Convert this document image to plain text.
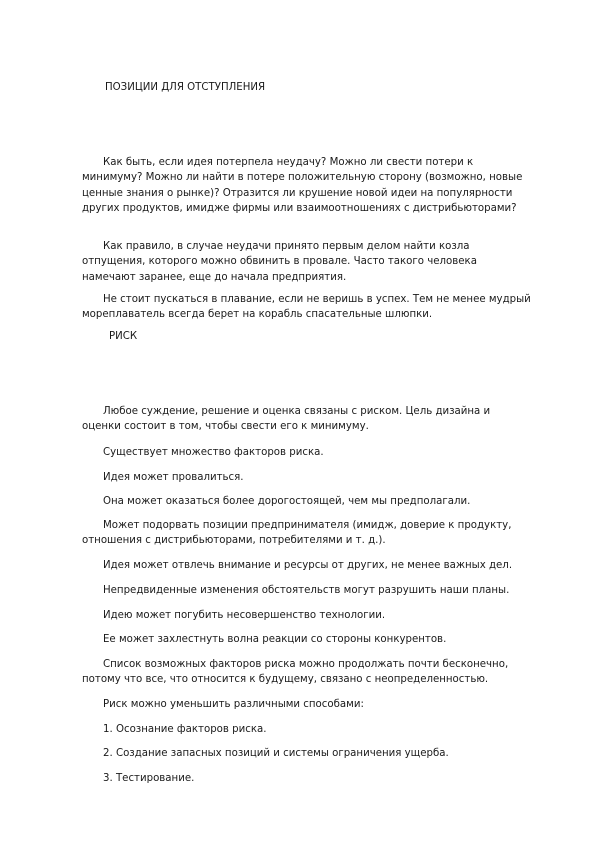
ПОЗИЦИИ ДЛЯ ОТСТУПЛЕНИЯ

Как быть, если идея потерпела неудачу? Можно ли свести потери к минимуму? Можно ли найти в потере положительную сторону (возможно, новые ценные знания о рынке)? Отразится ли крушение новой идеи на популярности других продуктов, имидже фирмы или взаимоотношениях с дистрибьюторами?

Как правило, в случае неудачи принято первым делом найти козла отпущения, которого можно обвинить в провале. Часто такого человека намечают заранее, еще до начала предприятия.

Не стоит пускаться в плавание, если не веришь в успех. Тем не менее мудрый мореплаватель всегда берет на корабль спасательные шлюпки.

РИСК

Любое суждение, решение и оценка связаны с риском. Цель дизайна и оценки состоит в том, чтобы свести его к минимуму.

Существует множество факторов риска.

Идея может провалиться.

Она может оказаться более дорогостоящей, чем мы предполагали.

Может подорвать позиции предпринимателя (имидж, доверие к продукту, отношения с дистрибьюторами, потребителями и т. д.).

Идея может отвлечь внимание и ресурсы от других, не менее важных дел.

Непредвиденные изменения обстоятельств могут разрушить наши планы.

Идею может погубить несовершенство технологии.

Ее может захлестнуть волна реакции со стороны конкурентов.

Список возможных факторов риска можно продолжать почти бесконечно, потому что все, что относится к будущему, связано с неопределенностью.

Риск можно уменьшить различными способами:

1. Осознание факторов риска.

2. Создание запасных позиций и системы ограничения ущерба.

3. Тестирование.
